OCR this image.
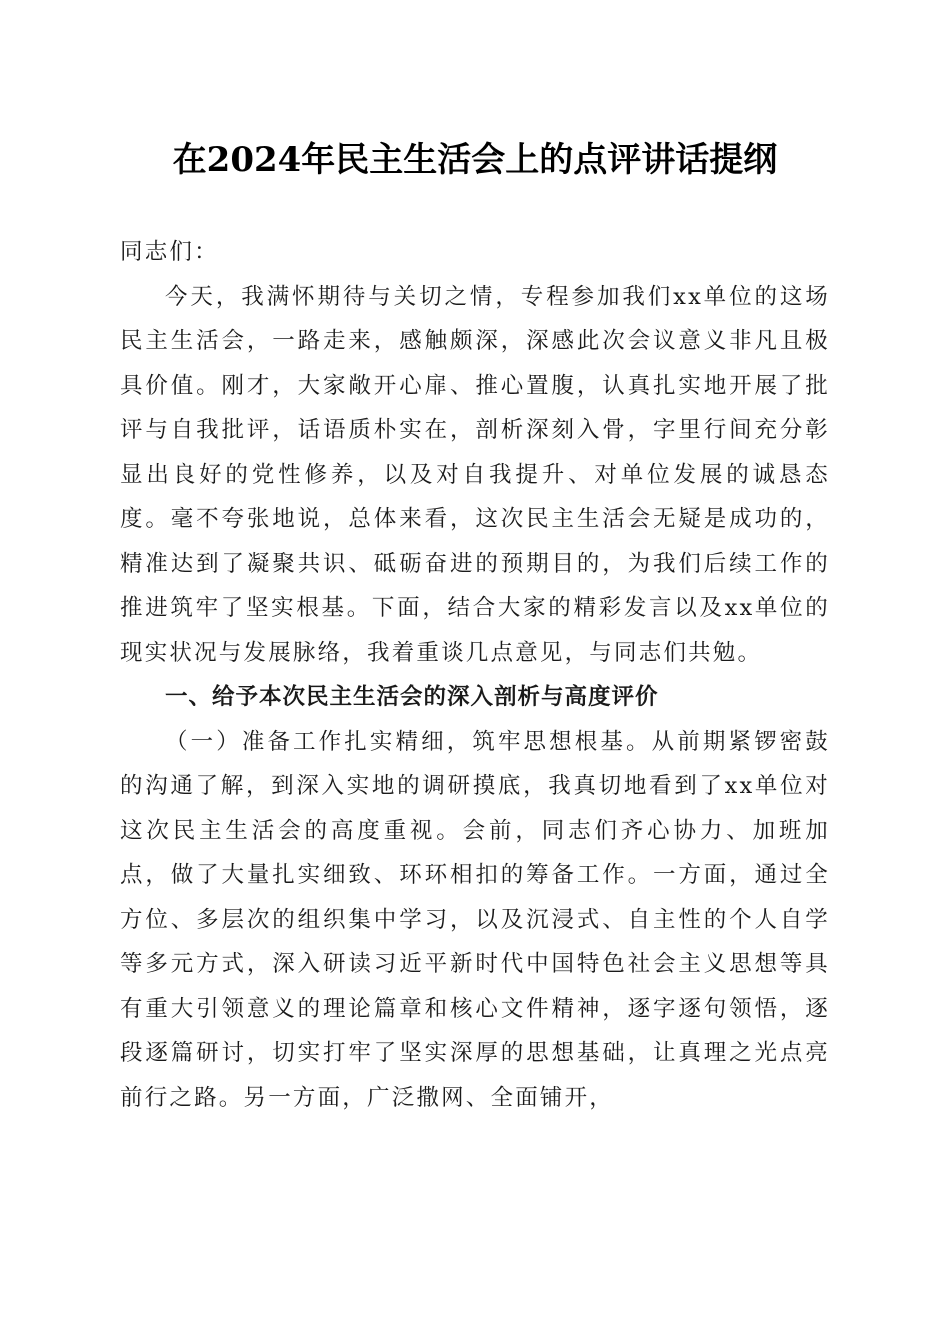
在2024年民主生活会上的点评讲话提纲

同志们：

今天，我满怀期待与关切之情，专程参加我们xx单位的这场民主生活会，一路走来，感触颇深，深感此次会议意义非凡且极具价值。刚才，大家敞开心扉、推心置腹，认真扎实地开展了批评与自我批评，话语质朴实在，剖析深刻入骨，字里行间充分彰显出良好的党性修养，以及对自我提升、对单位发展的诚恳态度。毫不夸张地说，总体来看，这次民主生活会无疑是成功的，精准达到了凝聚共识、砥砺奋进的预期目的，为我们后续工作的推进筑牢了坚实根基。下面，结合大家的精彩发言以及xx单位的现实状况与发展脉络，我着重谈几点意见，与同志们共勉。

一、给予本次民主生活会的深入剖析与高度评价

（一）准备工作扎实精细，筑牢思想根基。从前期紧锣密鼓的沟通了解，到深入实地的调研摸底，我真切地看到了xx单位对这次民主生活会的高度重视。会前，同志们齐心协力、加班加点，做了大量扎实细致、环环相扣的筹备工作。一方面，通过全方位、多层次的组织集中学习，以及沉浸式、自主性的个人自学等多元方式，深入研读习近平新时代中国特色社会主义思想等具有重大引领意义的理论篇章和核心文件精神，逐字逐句领悟，逐段逐篇研讨，切实打牢了坚实深厚的思想基础，让真理之光点亮前行之路。另一方面，广泛撒网、全面铺开，
